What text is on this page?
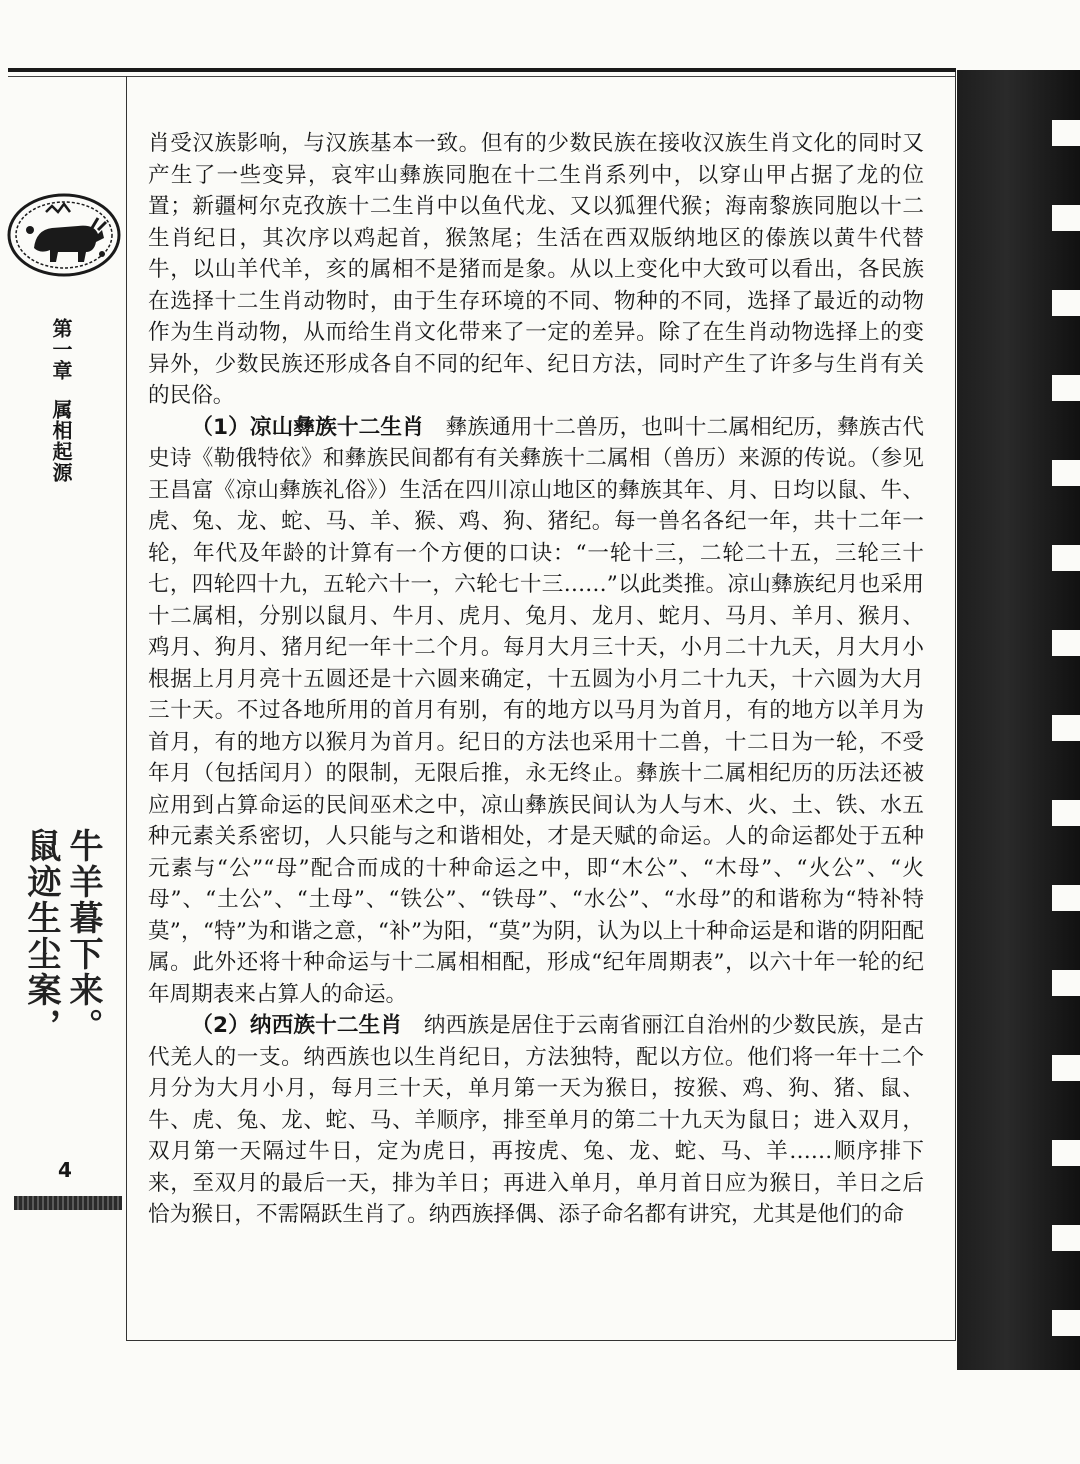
第一章属相起源
牛羊暮下来。
鼠迹生尘案，
4

肖受汉族影响，与汉族基本一致。但有的少数民族在接收汉族生肖文化的同时又产生了一些变异，哀牢山彝族同胞在十二生肖系列中，以穿山甲占据了龙的位置；新疆柯尔克孜族十二生肖中以鱼代龙、又以狐狸代猴；海南黎族同胞以十二生肖纪日，其次序以鸡起首，猴煞尾；生活在西双版纳地区的傣族以黄牛代替牛，以山羊代羊，亥的属相不是猪而是象。从以上变化中大致可以看出，各民族在选择十二生肖动物时，由于生存环境的不同、物种的不同，选择了最近的动物作为生肖动物，从而给生肖文化带来了一定的差异。除了在生肖动物选择上的变异外，少数民族还形成各自不同的纪年、纪日方法，同时产生了许多与生肖有关的民俗。

（1）凉山彝族十二生肖　 彝族通用十二兽历，也叫十二属相纪历，彝族古代史诗《勒俄特依》和彝族民间都有有关彝族十二属相（兽历）来源的传说。（参见王昌富《凉山彝族礼俗》）生活在四川凉山地区的彝族其年、月、日均以鼠、牛、虎、兔、龙、蛇、马、羊、猴、鸡、狗、猪纪。每一兽名各纪一年，共十二年一轮，年代及年龄的计算有一个方便的口诀：“一轮十三，二轮二十五，三轮三十七，四轮四十九，五轮六十一，六轮七十三……”以此类推。凉山彝族纪月也采用十二属相，分别以鼠月、牛月、虎月、兔月、龙月、蛇月、马月、羊月、猴月、鸡月、狗月、猪月纪一年十二个月。每月大月三十天，小月二十九天，月大月小根据上月月亮十五圆还是十六圆来确定，十五圆为小月二十九天，十六圆为大月三十天。不过各地所用的首月有别，有的地方以马月为首月，有的地方以羊月为首月，有的地方以猴月为首月。纪日的方法也采用十二兽，十二日为一轮，不受年月（包括闰月）的限制，无限后推，永无终止。彝族十二属相纪历的历法还被应用到占算命运的民间巫术之中，凉山彝族民间认为人与木、火、土、铁、水五种元素关系密切，人只能与之和谐相处，才是天赋的命运。人的命运都处于五种元素与“公”“母”配合而成的十种命运之中，即“木公”、“木母”、“火公”、“火母”、“土公”、“土母”、“铁公”、“铁母”、“水公”、“水母”的和谐称为“特补特莫”，“特”为和谐之意，“补”为阳，“莫”为阴，认为以上十种命运是和谐的阴阳配属。此外还将十种命运与十二属相相配，形成“纪年周期表”，以六十年一轮的纪年周期表来占算人的命运。

（2）纳西族十二生肖　 纳西族是居住于云南省丽江自治州的少数民族，是古代羌人的一支。纳西族也以生肖纪日，方法独特，配以方位。他们将一年十二个月分为大月小月，每月三十天，单月第一天为猴日，按猴、鸡、狗、猪、鼠、牛、虎、兔、龙、蛇、马、羊顺序，排至单月的第二十九天为鼠日；进入双月，双月第一天隔过牛日，定为虎日，再按虎、兔、龙、蛇、马、羊……顺序排下来，至双月的最后一天，排为羊日；再进入单月，单月首日应为猴日，羊日之后恰为猴日，不需隔跃生肖了。纳西族择偶、添子命名都有讲究，尤其是他们的命
